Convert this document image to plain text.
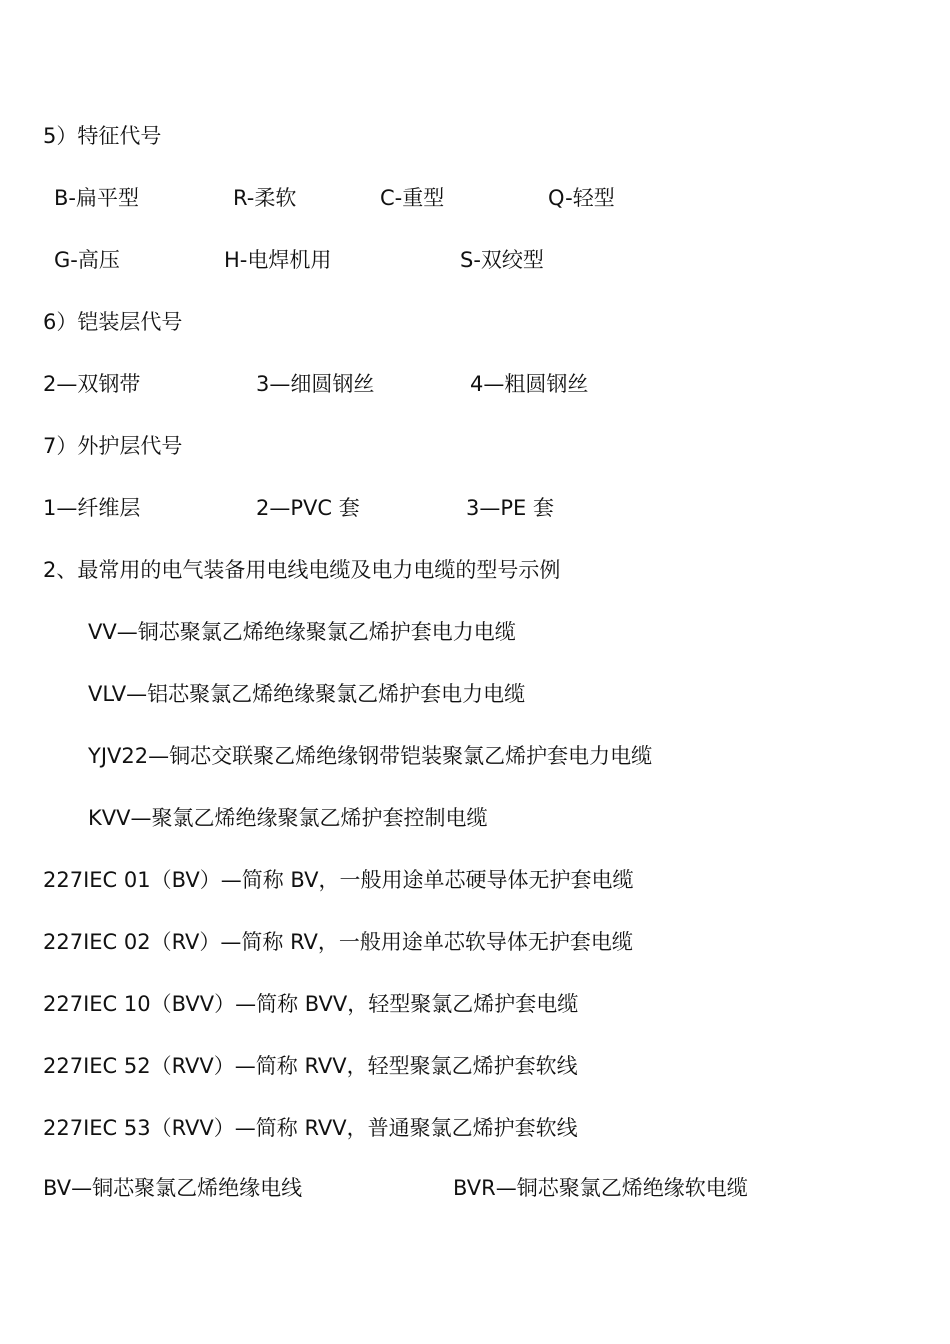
5）特征代号
B-扁平型	R-柔软	C-重型	Q-轻型
G-高压	H-电焊机用	S-双绞型
6）铠装层代号
2—双钢带	3—细圆钢丝	4—粗圆钢丝
7）外护层代号
1—纤维层	2—PVC 套	3—PE 套
2、最常用的电气装备用电线电缆及电力电缆的型号示例
VV—铜芯聚氯乙烯绝缘聚氯乙烯护套电力电缆
VLV—铝芯聚氯乙烯绝缘聚氯乙烯护套电力电缆
YJV22—铜芯交联聚乙烯绝缘钢带铠装聚氯乙烯护套电力电缆
KVV—聚氯乙烯绝缘聚氯乙烯护套控制电缆
227IEC 01（BV）—简称 BV，一般用途单芯硬导体无护套电缆
227IEC 02（RV）—简称 RV，一般用途单芯软导体无护套电缆
227IEC 10（BVV）—简称 BVV，轻型聚氯乙烯护套电缆
227IEC 52（RVV）—简称 RVV，轻型聚氯乙烯护套软线
227IEC 53（RVV）—简称 RVV，普通聚氯乙烯护套软线
BV—铜芯聚氯乙烯绝缘电线	BVR—铜芯聚氯乙烯绝缘软电缆
